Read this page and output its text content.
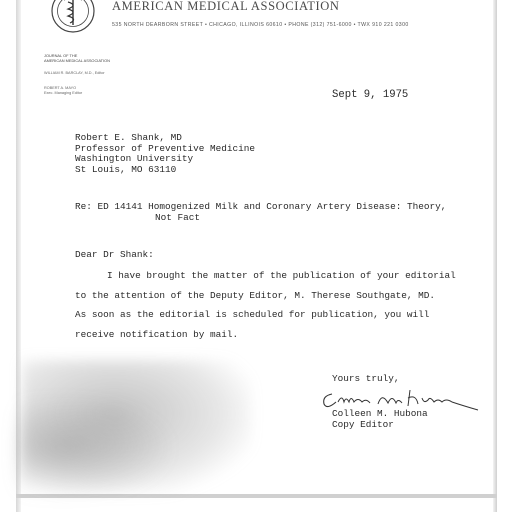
AMERICAN MEDICAL ASSOCIATION
535 NORTH DEARBORN STREET • CHICAGO, ILLINOIS 60610 • PHONE (312) 751-6000 • TWX 910 221 0300
JOURNAL OF THE
AMERICAN MEDICAL ASSOCIATION
WILLIAM R. BARCLAY, M.D., Editor
ROBERT A. MAYO
Exec. Managing Editor	Sept 9, 1975
Robert E. Shank, MD
Professor of Preventive Medicine
Washington University
St Louis, MO 63110
Re: ED 14141 Homogenized Milk and Coronary Artery Disease: Theory,
Not Fact
Dear Dr Shank:
I have brought the matter of the publication of your editorial
to the attention of the Deputy Editor, M. Therese Southgate, MD.
As soon as the editorial is scheduled for publication, you will
receive notification by mail.
Yours truly,
Colleen M. Hubona
Copy Editor
